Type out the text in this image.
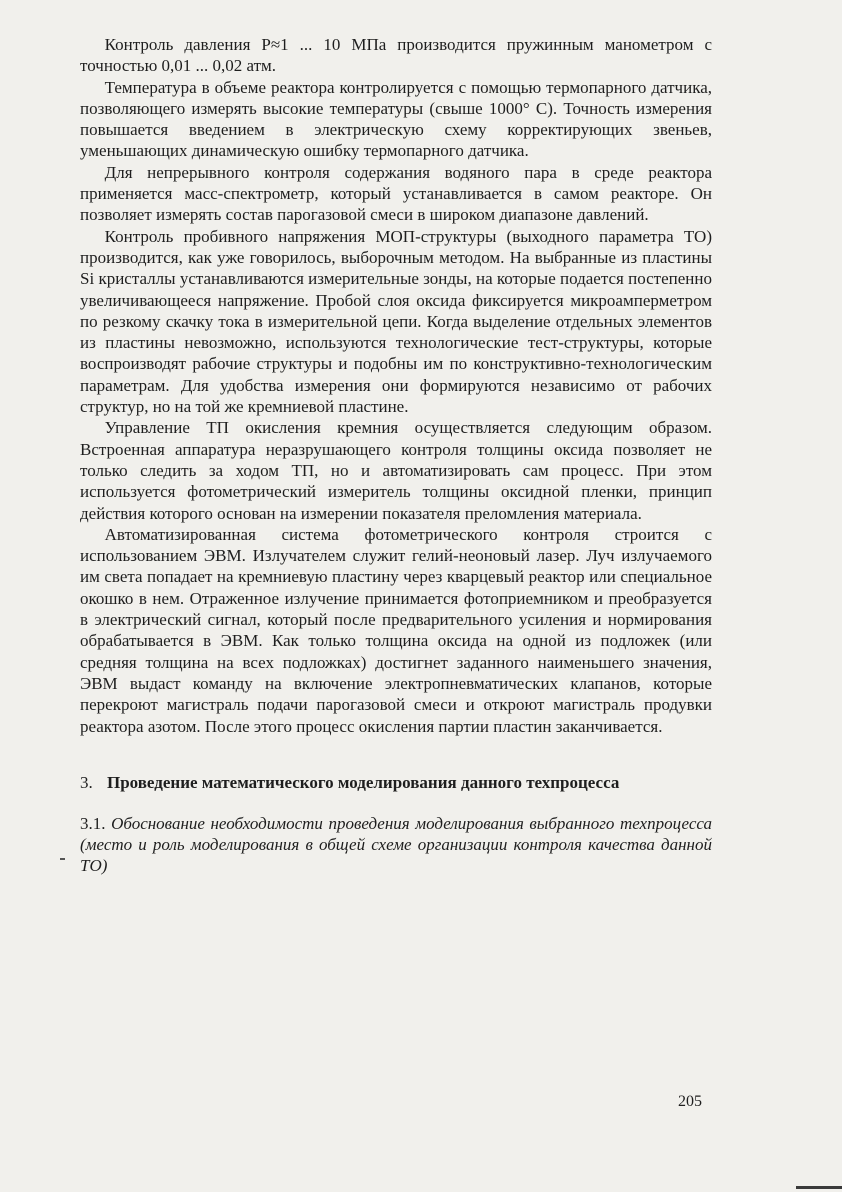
Контроль давления P≈1 ... 10 МПа производится пружинным манометром с точностью 0,01 ... 0,02 атм.

Температура в объеме реактора контролируется с помощью термопарного датчика, позволяющего измерять высокие температуры (свыше 1000° С). Точность измерения повышается введением в электрическую схему корректирующих звеньев, уменьшающих динамическую ошибку термопарного датчика.

Для непрерывного контроля содержания водяного пара в среде реактора применяется масс-спектрометр, который устанавливается в самом реакторе. Он позволяет измерять состав парогазовой смеси в широком диапазоне давлений.

Контроль пробивного напряжения МОП-структуры (выходного параметра ТО) производится, как уже говорилось, выборочным методом. На выбранные из пластины Si кристаллы устанавливаются измерительные зонды, на которые подается постепенно увеличивающееся напряжение. Пробой слоя оксида фиксируется микроамперметром по резкому скачку тока в измерительной цепи. Когда выделение отдельных элементов из пластины невозможно, используются технологические тест-структуры, которые воспроизводят рабочие структуры и подобны им по конструктивно-технологическим параметрам. Для удобства измерения они формируются независимо от рабочих структур, но на той же кремниевой пластине.

Управление ТП окисления кремния осуществляется следующим образом. Встроенная аппаратура неразрушающего контроля толщины оксида позволяет не только следить за ходом ТП, но и автоматизировать сам процесс. При этом используется фотометрический измеритель толщины оксидной пленки, принцип действия которого основан на измерении показателя преломления материала.

Автоматизированная система фотометрического контроля строится с использованием ЭВМ. Излучателем служит гелий-неоновый лазер. Луч излучаемого им света попадает на кремниевую пластину через кварцевый реактор или специальное окошко в нем. Отраженное излучение принимается фотоприемником и преобразуется в электрический сигнал, который после предварительного усиления и нормирования обрабатывается в ЭВМ. Как только толщина оксида на одной из подложек (или средняя толщина на всех подложках) достигнет заданного наименьшего значения, ЭВМ выдаст команду на включение электропневматических клапанов, которые перекроют магистраль подачи парогазовой смеси и откроют магистраль продувки реактора азотом. После этого процесс окисления партии пластин заканчивается.

3. Проведение математического моделирования данного техпроцесса

3.1. Обоснование необходимости проведения моделирования выбранного техпроцесса (место и роль моделирования в общей схеме организации контроля качества данной ТО)

205
